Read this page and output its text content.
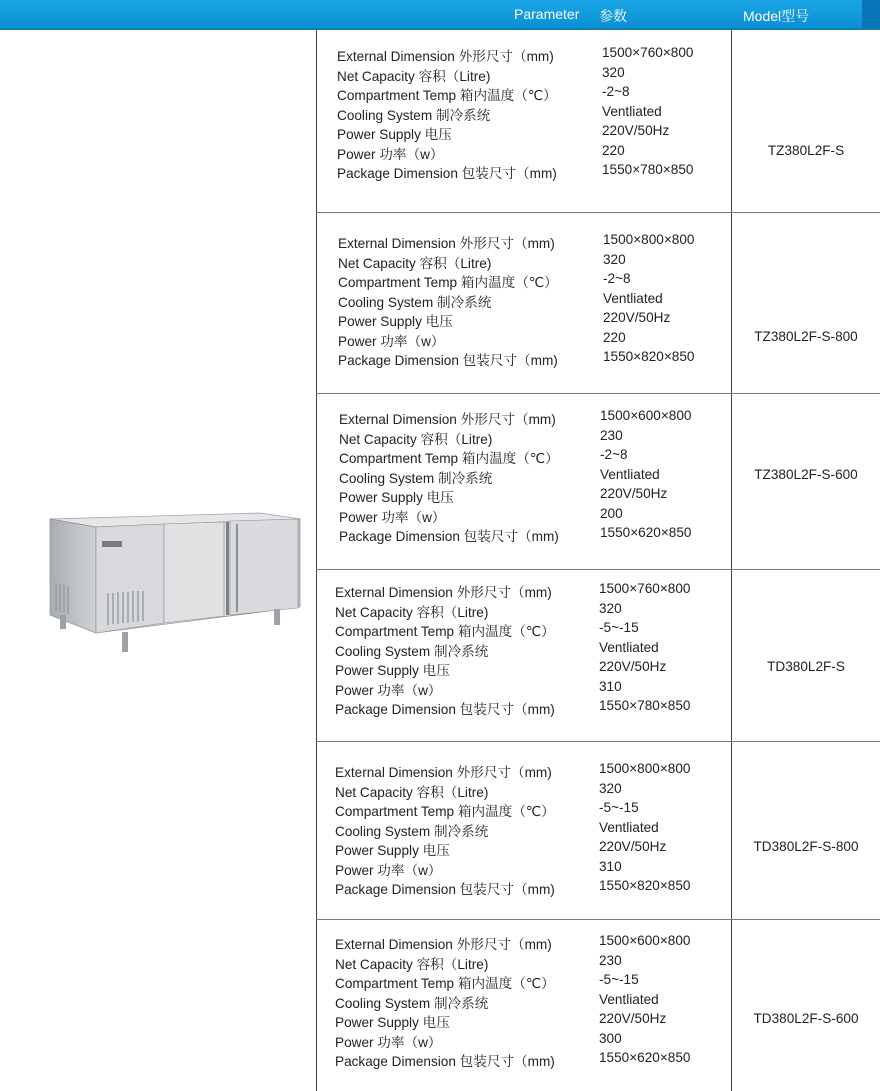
Parameter 参数	Model型号
External Dimension 外形尺寸（mm)	1500×760×800
Net Capacity 容积（Litre)	320
Compartment Temp 箱内温度（℃）	-2~8
Cooling System 制冷系统	Ventliated
Power Supply 电压	220V/50Hz
Power 功率（w）	220
Package Dimension 包装尺寸（mm)	1550×780×850
TZ380L2F-S
External Dimension 外形尺寸（mm)	1500×800×800
Net Capacity 容积（Litre)	320
Compartment Temp 箱内温度（℃）	-2~8
Cooling System 制冷系统	Ventliated
Power Supply 电压	220V/50Hz
Power 功率（w）	220
Package Dimension 包装尺寸（mm)	1550×820×850
TZ380L2F-S-800
External Dimension 外形尺寸（mm)	1500×600×800
Net Capacity 容积（Litre)	230
Compartment Temp 箱内温度（℃）	-2~8
Cooling System 制冷系统	Ventliated
Power Supply 电压	220V/50Hz
Power 功率（w）	200
Package Dimension 包装尺寸（mm)	1550×620×850
TZ380L2F-S-600
External Dimension 外形尺寸（mm)	1500×760×800
Net Capacity 容积（Litre)	320
Compartment Temp 箱内温度（℃）	-5~-15
Cooling System 制冷系统	Ventliated
Power Supply 电压	220V/50Hz
Power 功率（w）	310
Package Dimension 包装尺寸（mm)	1550×780×850
TD380L2F-S
External Dimension 外形尺寸（mm)	1500×800×800
Net Capacity 容积（Litre)	320
Compartment Temp 箱内温度（℃）	-5~-15
Cooling System 制冷系统	Ventliated
Power Supply 电压	220V/50Hz
Power 功率（w）	310
Package Dimension 包装尺寸（mm)	1550×820×850
TD380L2F-S-800
External Dimension 外形尺寸（mm)	1500×600×800
Net Capacity 容积（Litre)	230
Compartment Temp 箱内温度（℃）	-5~-15
Cooling System 制冷系统	Ventliated
Power Supply 电压	220V/50Hz
Power 功率（w）	300
Package Dimension 包装尺寸（mm)	1550×620×850
TD380L2F-S-600
